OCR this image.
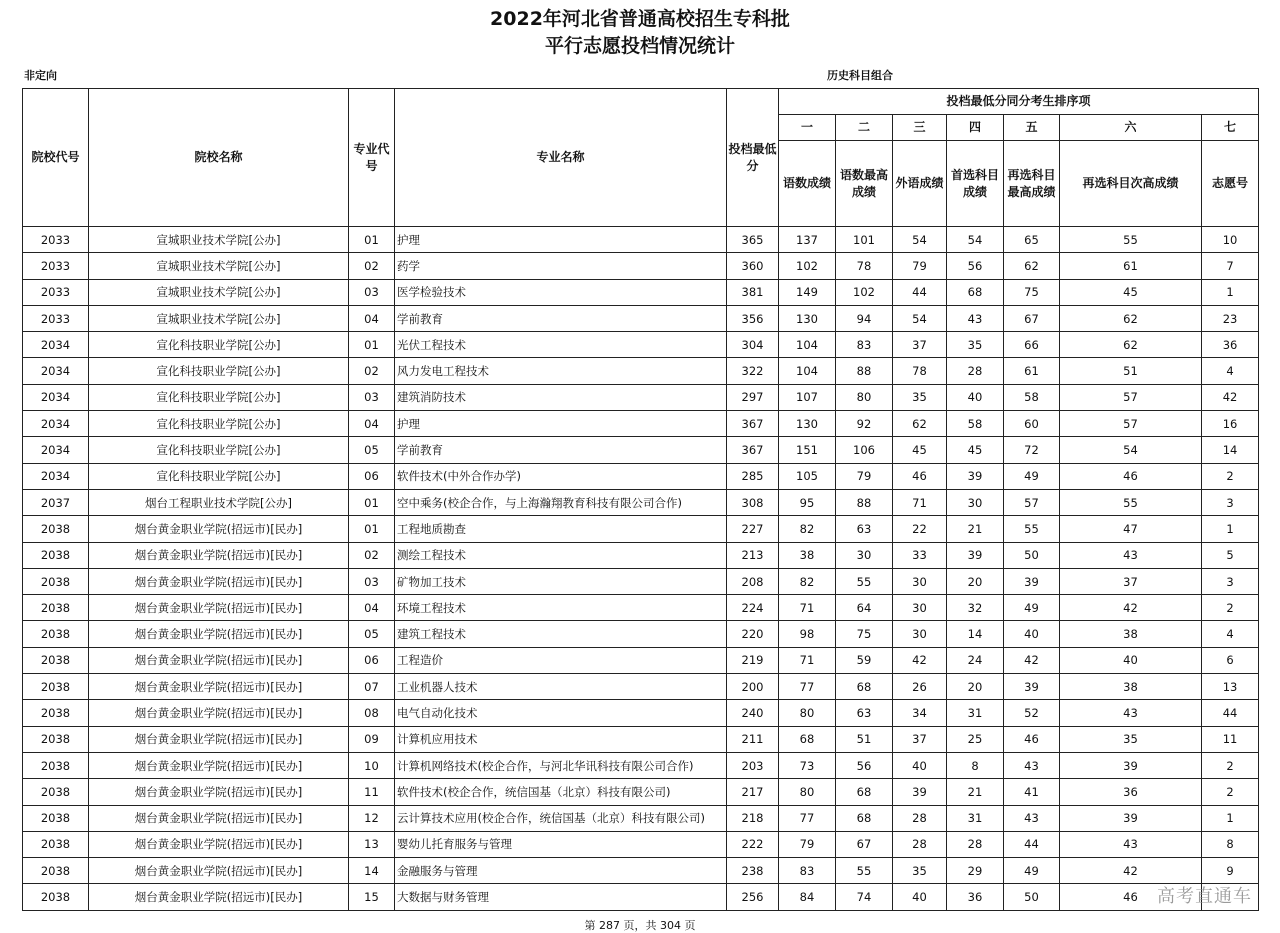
2022年河北省普通高校招生专科批
平行志愿投档情况统计
非定向	历史科目组合
院校代号	院校名称	专业代号	专业名称	投档最低分	投档最低分同分考生排序项						
					一	二	三	四	五	六	七
					语数成绩	语数最高成绩	外语成绩	首选科目成绩	再选科目最高成绩	再选科目次高成绩	志愿号
2033	宣城职业技术学院[公办]	01	护理	365	137	101	54	54	65	55	10
2033	宣城职业技术学院[公办]	02	药学	360	102	78	79	56	62	61	7
2033	宣城职业技术学院[公办]	03	医学检验技术	381	149	102	44	68	75	45	1
2033	宣城职业技术学院[公办]	04	学前教育	356	130	94	54	43	67	62	23
2034	宣化科技职业学院[公办]	01	光伏工程技术	304	104	83	37	35	66	62	36
2034	宣化科技职业学院[公办]	02	风力发电工程技术	322	104	88	78	28	61	51	4
2034	宣化科技职业学院[公办]	03	建筑消防技术	297	107	80	35	40	58	57	42
2034	宣化科技职业学院[公办]	04	护理	367	130	92	62	58	60	57	16
2034	宣化科技职业学院[公办]	05	学前教育	367	151	106	45	45	72	54	14
2034	宣化科技职业学院[公办]	06	软件技术(中外合作办学)	285	105	79	46	39	49	46	2
2037	烟台工程职业技术学院[公办]	01	空中乘务(校企合作，与上海瀚翔教育科技有限公司合作)	308	95	88	71	30	57	55	3
2038	烟台黄金职业学院(招远市)[民办]	01	工程地质勘查	227	82	63	22	21	55	47	1
2038	烟台黄金职业学院(招远市)[民办]	02	测绘工程技术	213	38	30	33	39	50	43	5
2038	烟台黄金职业学院(招远市)[民办]	03	矿物加工技术	208	82	55	30	20	39	37	3
2038	烟台黄金职业学院(招远市)[民办]	04	环境工程技术	224	71	64	30	32	49	42	2
2038	烟台黄金职业学院(招远市)[民办]	05	建筑工程技术	220	98	75	30	14	40	38	4
2038	烟台黄金职业学院(招远市)[民办]	06	工程造价	219	71	59	42	24	42	40	6
2038	烟台黄金职业学院(招远市)[民办]	07	工业机器人技术	200	77	68	26	20	39	38	13
2038	烟台黄金职业学院(招远市)[民办]	08	电气自动化技术	240	80	63	34	31	52	43	44
2038	烟台黄金职业学院(招远市)[民办]	09	计算机应用技术	211	68	51	37	25	46	35	11
2038	烟台黄金职业学院(招远市)[民办]	10	计算机网络技术(校企合作，与河北华讯科技有限公司合作)	203	73	56	40	8	43	39	2
2038	烟台黄金职业学院(招远市)[民办]	11	软件技术(校企合作，统信国基（北京）科技有限公司)	217	80	68	39	21	41	36	2
2038	烟台黄金职业学院(招远市)[民办]	12	云计算技术应用(校企合作，统信国基（北京）科技有限公司)	218	77	68	28	31	43	39	1
2038	烟台黄金职业学院(招远市)[民办]	13	婴幼儿托育服务与管理	222	79	67	28	28	44	43	8
2038	烟台黄金职业学院(招远市)[民办]	14	金融服务与管理	238	83	55	35	29	49	42	9
2038	烟台黄金职业学院(招远市)[民办]	15	大数据与财务管理	256	84	74	40	36	50	46	
第 287 页，共 304 页
高考直通车
